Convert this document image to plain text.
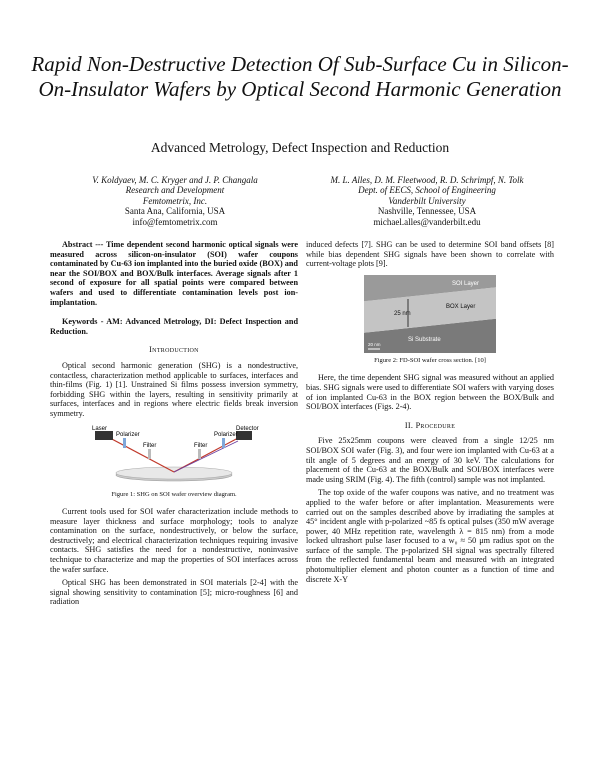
Rapid Non-Destructive Detection Of Sub-Surface Cu in Silicon-On-Insulator Wafers by Optical Second Harmonic Generation
Advanced Metrology, Defect Inspection and Reduction
V. Koldyaev, M. C. Kryger and J. P. Changala
Research and Development
Femtometrix, Inc.
Santa Ana, California, USA
info@femtometrix.com
M. L. Alles, D. M. Fleetwood, R. D. Schrimpf, N. Tolk
Dept. of EECS, School of Engineering
Vanderbilt University
Nashville, Tennessee, USA
michael.alles@vanderbilt.edu

Abstract --- Time dependent second harmonic optical signals were measured across silicon-on-insulator (SOI) wafer coupons contaminated by Cu-63 ion implanted into the buried oxide (BOX) and near the SOI/BOX and BOX/Bulk interfaces. Average signals after 1 second of exposure for all spatial points were compared between wafers and used to differentiate contamination levels post ion-implantation.

Keywords - AM: Advanced Metrology, DI: Defect Inspection and Reduction.

Introduction

Optical second harmonic generation (SHG) is a nondestructive, contactless, characterization method applicable to surfaces, interfaces and thin-films (Fig. 1) [1]. Unstrained Si films possess inversion symmetry, forbidding SHG within the layers, resulting in sensitivity primarily at surfaces, interfaces and in regions where electric fields break inversion symmetry.

Laser
Polarizer
Filter	Filter
Polarizer
Detector
Figure 1: SHG on SOI wafer overview diagram.

Current tools used for SOI wafer characterization include methods to measure layer thickness and surface morphology; tools to analyze contamination on the surface, nondestructively, or below the surface, destructively; and electrical characterization techniques requiring invasive contacts. SHG satisfies the need for a nondestructive, noninvasive technique to characterize and map the properties of SOI interfaces across the wafer surface.

Optical SHG has been demonstrated in SOI materials [2-4] with the signal showing sensitivity to contamination [5]; micro-roughness [6] and radiation

induced defects [7]. SHG can be used to determine SOI band offsets [8] while bias dependent SHG signals have been shown to correlate with current-voltage plots [9].

SOI Layer
25 nm
BOX Layer
Si Substrate
20 nm
Figure 2: FD-SOI wafer cross section. [10]

Here, the time dependent SHG signal was measured without an applied bias. SHG signals were used to differentiate SOI wafers with varying doses of ion implanted Cu-63 in the BOX region between the BOX/Bulk and SOI/BOX interfaces (Figs. 2-4).

II. Procedure

Five 25x25mm coupons were cleaved from a single 12/25 nm SOI/BOX SOI wafer (Fig. 3), and four were ion implanted with Cu-63 at a tilt angle of 5 degrees and an energy of 30 keV. The calculations for placement of the Cu-63 at the BOX/Bulk and SOI/BOX interfaces were made using SRIM (Fig. 4). The fifth (control) sample was not implanted.

The top oxide of the wafer coupons was native, and no treatment was applied to the wafer before or after implantation. Measurements were carried out on the samples described above by irradiating the samples at 45° incident angle with p-polarized ~85 fs optical pulses (350 mW average power, 40 MHz repetition rate, wavelength λ = 815 nm) from a mode locked ultrashort pulse laser focused to a w₀ ≈ 50 μm radius spot on the surface of the sample. The p-polarized SH signal was spectrally filtered from the reflected fundamental beam and measured with an integrated photomultiplier element and photon counter as a function of time and discrete X-Y
